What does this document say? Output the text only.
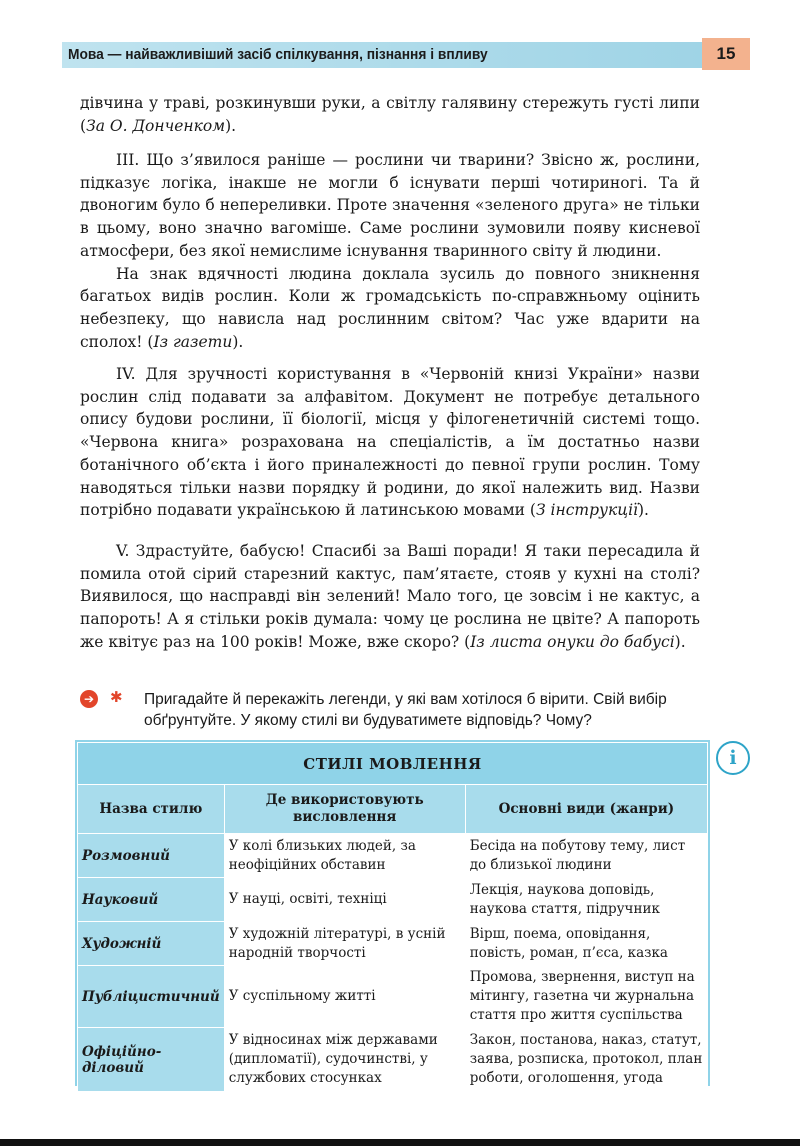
Мова — найважливіший засіб спілкування, пізнання і впливу	15

дівчина у траві, розкинувши руки, а світлу галявину стережуть густі липи (За О. Донченком).

ІІІ. Що з’явилося раніше — рослини чи тварини? Звісно ж, рослини, підказує логіка, інакше не могли б існувати перші чотириногі. Та й двоногим було б непереливки. Проте значення «зеленого друга» не тільки в цьому, воно значно вагоміше. Саме рослини зумовили появу кисневої атмосфери, без якої немислиме існування тваринного світу й людини.

На знак вдячності людина доклала зусиль до повного зникнення багатьох видів рослин. Коли ж громадськість по-справжньому оцінить небезпеку, що нависла над рослинним світом? Час уже вдарити на сполох! (Із газети).

IV. Для зручності користування в «Червоній книзі України» назви рослин слід подавати за алфавітом. Документ не потребує детального опису будови рослини, її біології, місця у філогенетичній системі тощо. «Червона книга» розрахована на спеціалістів, а їм достатньо назви ботанічного об’єкта і його приналежності до певної групи рослин. Тому наводяться тільки назви порядку й родини, до якої належить вид. Назви потрібно подавати українською й латинською мовами (З інструкції).

V. Здрастуйте, бабусю! Спасибі за Ваші поради! Я таки пересадила й помила отой сірий старезний кактус, пам’ятаєте, стояв у кухні на столі? Виявилося, що насправді він зелений! Мало того, це зовсім і не кактус, а папороть! А я стільки років думала: чому це рослина не цвіте? А папороть же квітує раз на 100 років! Може, вже скоро? (Із листа онуки до бабусі).

➔ ✱ Пригадайте й перекажіть легенди, у які вам хотілося б вірити. Свій вибір обґрунтуйте. У якому стилі ви будуватимете відповідь? Чому?
i
СТИЛІ МОВЛЕННЯ		
Назва стилю	Де використовують висловлення	Основні види (жанри)
Розмовний	У колі близьких людей, за неофіційних обставин	Бесіда на побутову тему, лист до близької людини
Науковий	У науці, освіті, техніці	Лекція, наукова доповідь, наукова стаття, підручник
Художній	У художній літературі, в усній народній творчості	Вірш, поема, оповідання, повість, роман, п’єса, казка
Публіцистичний	У суспільному житті	Промова, звернення, виступ на мітингу, газетна чи журнальна стаття про життя суспільства
Офіційно-діловий	У відносинах між державами (дипломатії), судочинстві, у службових стосунках	Закон, постанова, наказ, статут, заява, розписка, протокол, план роботи, оголошення, угода
